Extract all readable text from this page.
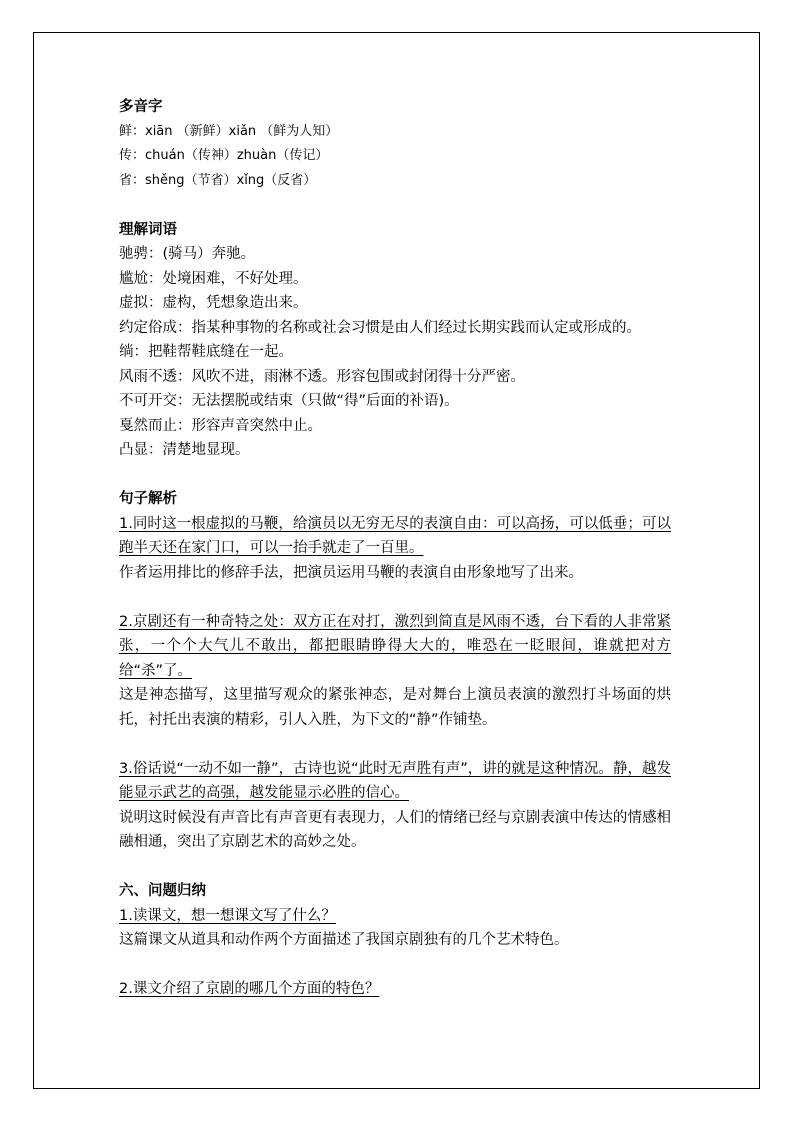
多音字
鲜：xiān （新鲜）xiǎn （鲜为人知）
传：chuán（传神）zhuàn（传记）
省：shěng（节省）xǐng（反省）
理解词语
驰骋：(骑马）奔驰。
尴尬：处境困难，不好处理。
虚拟：虚构，凭想象造出来。
约定俗成：指某种事物的名称或社会习惯是由人们经过长期实践而认定或形成的。
绱：把鞋帮鞋底缝在一起。
风雨不透：风吹不进，雨淋不透。形容包围或封闭得十分严密。
不可开交：无法摆脱或结束（只做“得”后面的补语)。
戛然而止：形容声音突然中止。
凸显：清楚地显现。
句子解析
1.同时这一根虚拟的马鞭，给演员以无穷无尽的表演自由：可以高扬，可以低垂；可以跑半天还在家门口，可以一抬手就走了一百里。
作者运用排比的修辞手法，把演员运用马鞭的表演自由形象地写了出来。
2.京剧还有一种奇特之处：双方正在对打，激烈到简直是风雨不透，台下看的人非常紧张，一个个大气儿不敢出，都把眼睛睁得大大的，唯恐在一眨眼间，谁就把对方给“杀”了。
这是神态描写，这里描写观众的紧张神态，是对舞台上演员表演的激烈打斗场面的烘托，衬托出表演的精彩，引人入胜，为下文的“静”作铺垫。
3.俗话说“一动不如一静”，古诗也说“此时无声胜有声”，讲的就是这种情况。静，越发能显示武艺的高强，越发能显示必胜的信心。
说明这时候没有声音比有声音更有表现力，人们的情绪已经与京剧表演中传达的情感相融相通，突出了京剧艺术的高妙之处。
六、问题归纳
1.读课文，想一想课文写了什么？
这篇课文从道具和动作两个方面描述了我国京剧独有的几个艺术特色。
2.课文介绍了京剧的哪几个方面的特色？
